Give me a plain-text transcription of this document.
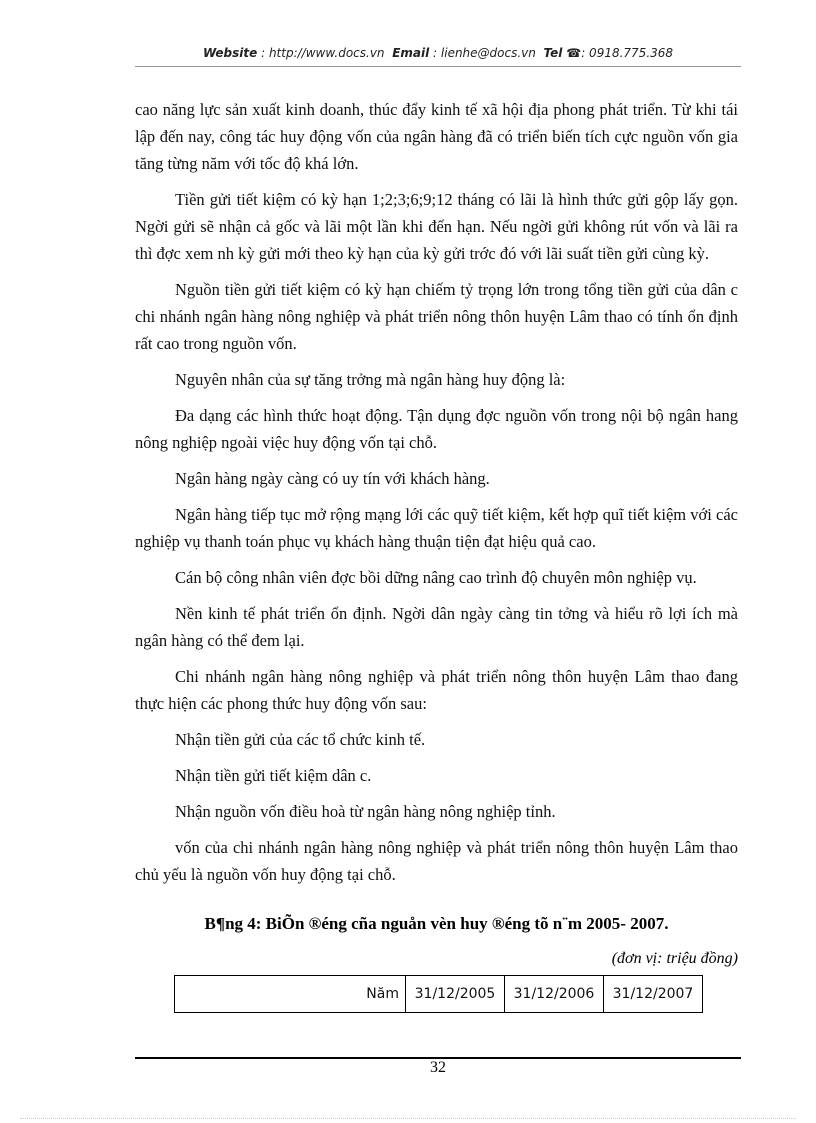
Website : http://www.docs.vn Email : lienhe@docs.vn Tel ☎: 0918.775.368

cao năng lực sản xuất kinh doanh, thúc đẩy kinh tế xã hội địa phong phát triển. Từ khi tái lập đến nay, công tác huy động vốn của ngân hàng đã có triển biến tích cực nguồn vốn gia tăng từng năm với tốc độ khá lớn.

Tiền gửi tiết kiệm có kỳ hạn 1;2;3;6;9;12 tháng có lãi là hình thức gửi gộp lấy gọn. Ngời gửi sẽ nhận cả gốc và lãi một lần khi đến hạn. Nếu ngời gửi không rút vốn và lãi ra thì đợc xem nh kỳ gửi mới theo kỳ hạn của kỳ gửi trớc đó với lãi suất tiền gửi cùng kỳ.

Nguồn tiền gửi tiết kiệm có kỳ hạn chiếm tỷ trọng lớn trong tổng tiền gửi của dân c chi nhánh ngân hàng nông nghiệp và phát triển nông thôn huyện Lâm thao có tính ổn định rất cao trong nguồn vốn.

Nguyên nhân của sự tăng trởng mà ngân hàng huy động là:

Đa dạng các hình thức hoạt động. Tận dụng đợc nguồn vốn trong nội bộ ngân hang nông nghiệp ngoài việc huy động vốn tại chỗ.

Ngân hàng ngày càng có uy tín với khách hàng.

Ngân hàng tiếp tục mở rộng mạng lới các quỹ tiết kiệm, kết hợp quĩ tiết kiệm với các nghiệp vụ thanh toán phục vụ khách hàng thuận tiện đạt hiệu quả cao.

Cán bộ công nhân viên đợc bồi dững nâng cao trình độ chuyên môn nghiệp vụ.

Nền kinh tế phát triển ổn định. Ngời dân ngày càng tin tởng và hiểu rõ lợi ích mà ngân hàng có thể đem lại.

Chi nhánh ngân hàng nông nghiệp và phát triển nông thôn huyện Lâm thao đang thực hiện các phong thức huy động vốn sau:

Nhận tiền gửi của các tổ chức kinh tế.

Nhận tiền gửi tiết kiệm dân c.

Nhận nguồn vốn điều hoà từ ngân hàng nông nghiệp tỉnh.

vốn của chi nhánh ngân hàng nông nghiệp và phát triển nông thôn huyện Lâm thao chủ yếu là nguồn vốn huy động tại chỗ.

B¶ng 4: BiÕn ®éng cña nguån vèn huy ®éng tõ n¨m 2005- 2007.
(đơn vị: triệu đồng)
Năm	31/12/2005	31/12/2006	31/12/2007
32
